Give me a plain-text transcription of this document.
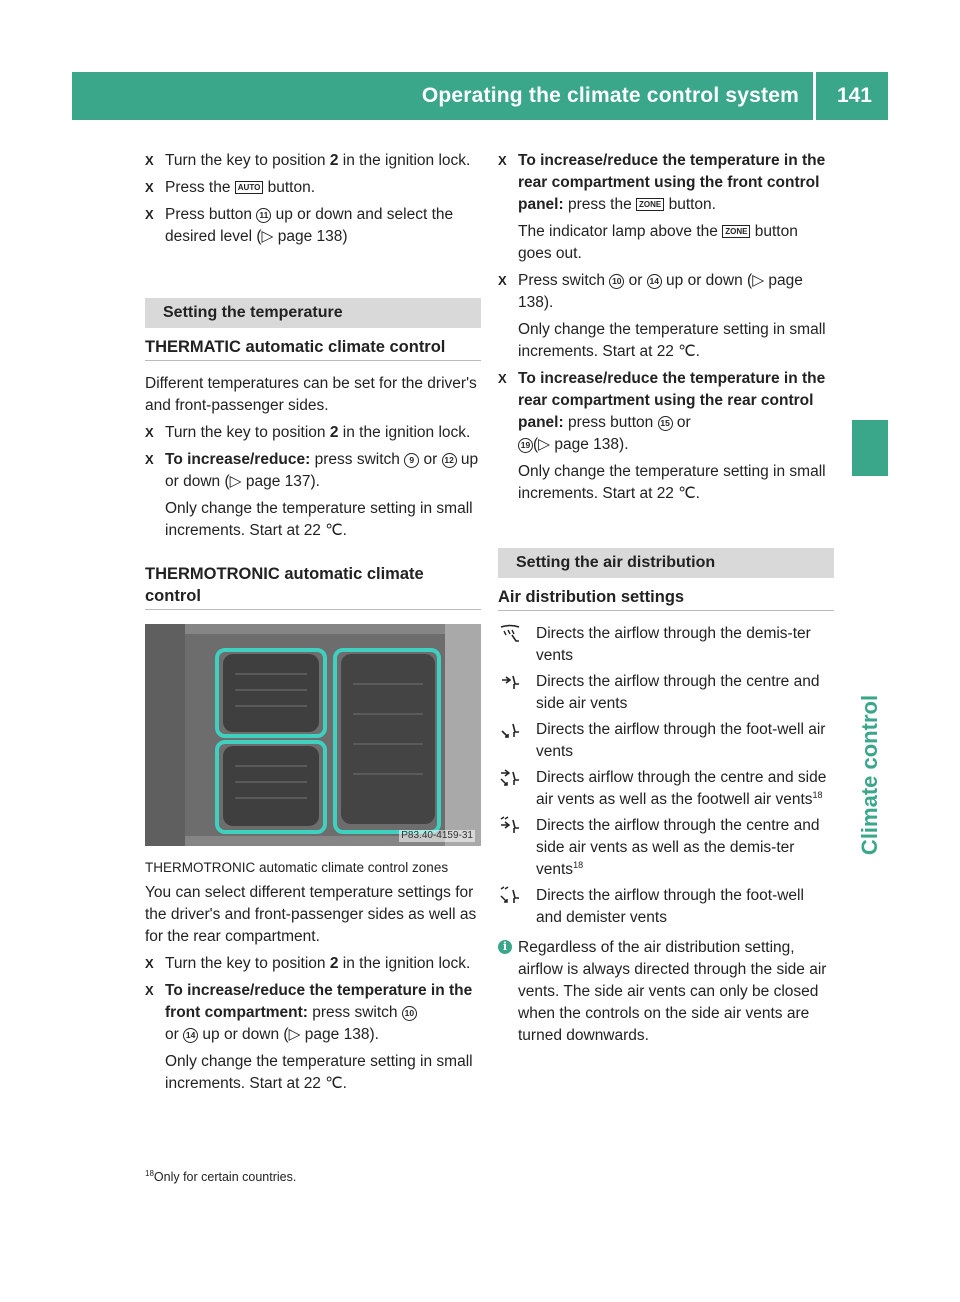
Operating the climate control system	141
Climate control
X Turn the key to position 2 in the ignition lock.
X Press the AUTO button.
X Press button 11 up or down and select the desired level (▷ page 138)
Setting the temperature
THERMATIC automatic climate control
Different temperatures can be set for the driver's and front-passenger sides.
X Turn the key to position 2 in the ignition lock.
X To increase/reduce: press switch 9 or 12 up or down (▷ page 137).
Only change the temperature setting in small increments. Start at 22 ℃.
THERMOTRONIC automatic climate control
P83.40-4159-31
THERMOTRONIC automatic climate control zones
You can select different temperature settings for the driver's and front-passenger sides as well as for the rear compartment.
X Turn the key to position 2 in the ignition lock.
X To increase/reduce the temperature in the front compartment: press switch 10
or 14 up or down (▷ page 138).
Only change the temperature setting in small increments. Start at 22 ℃.
X To increase/reduce the temperature in the rear compartment using the front control panel: press the ZONE button.
The indicator lamp above the ZONE button goes out.
X Press switch 10 or 14 up or down (▷ page 138).
Only change the temperature setting in small increments. Start at 22 ℃.
X To increase/reduce the temperature in the rear compartment using the rear control panel: press button 15 or
19 (▷ page 138).
Only change the temperature setting in small increments. Start at 22 ℃.
Setting the air distribution
Air distribution settings
Directs the airflow through the demis-ter vents
Directs the airflow through the centre and side air vents
Directs the airflow through the foot-well air vents
Directs airflow through the centre and side air vents as well as the footwell air vents$^{18}$
Directs the airflow through the centre and side air vents as well as the demis-ter vents$^{18}$
Directs the airflow through the foot-well and demister vents
i Regardless of the air distribution setting, airflow is always directed through the side air vents. The side air vents can only be closed when the controls on the side air vents are turned downwards.
$^{18}$Only for certain countries.
